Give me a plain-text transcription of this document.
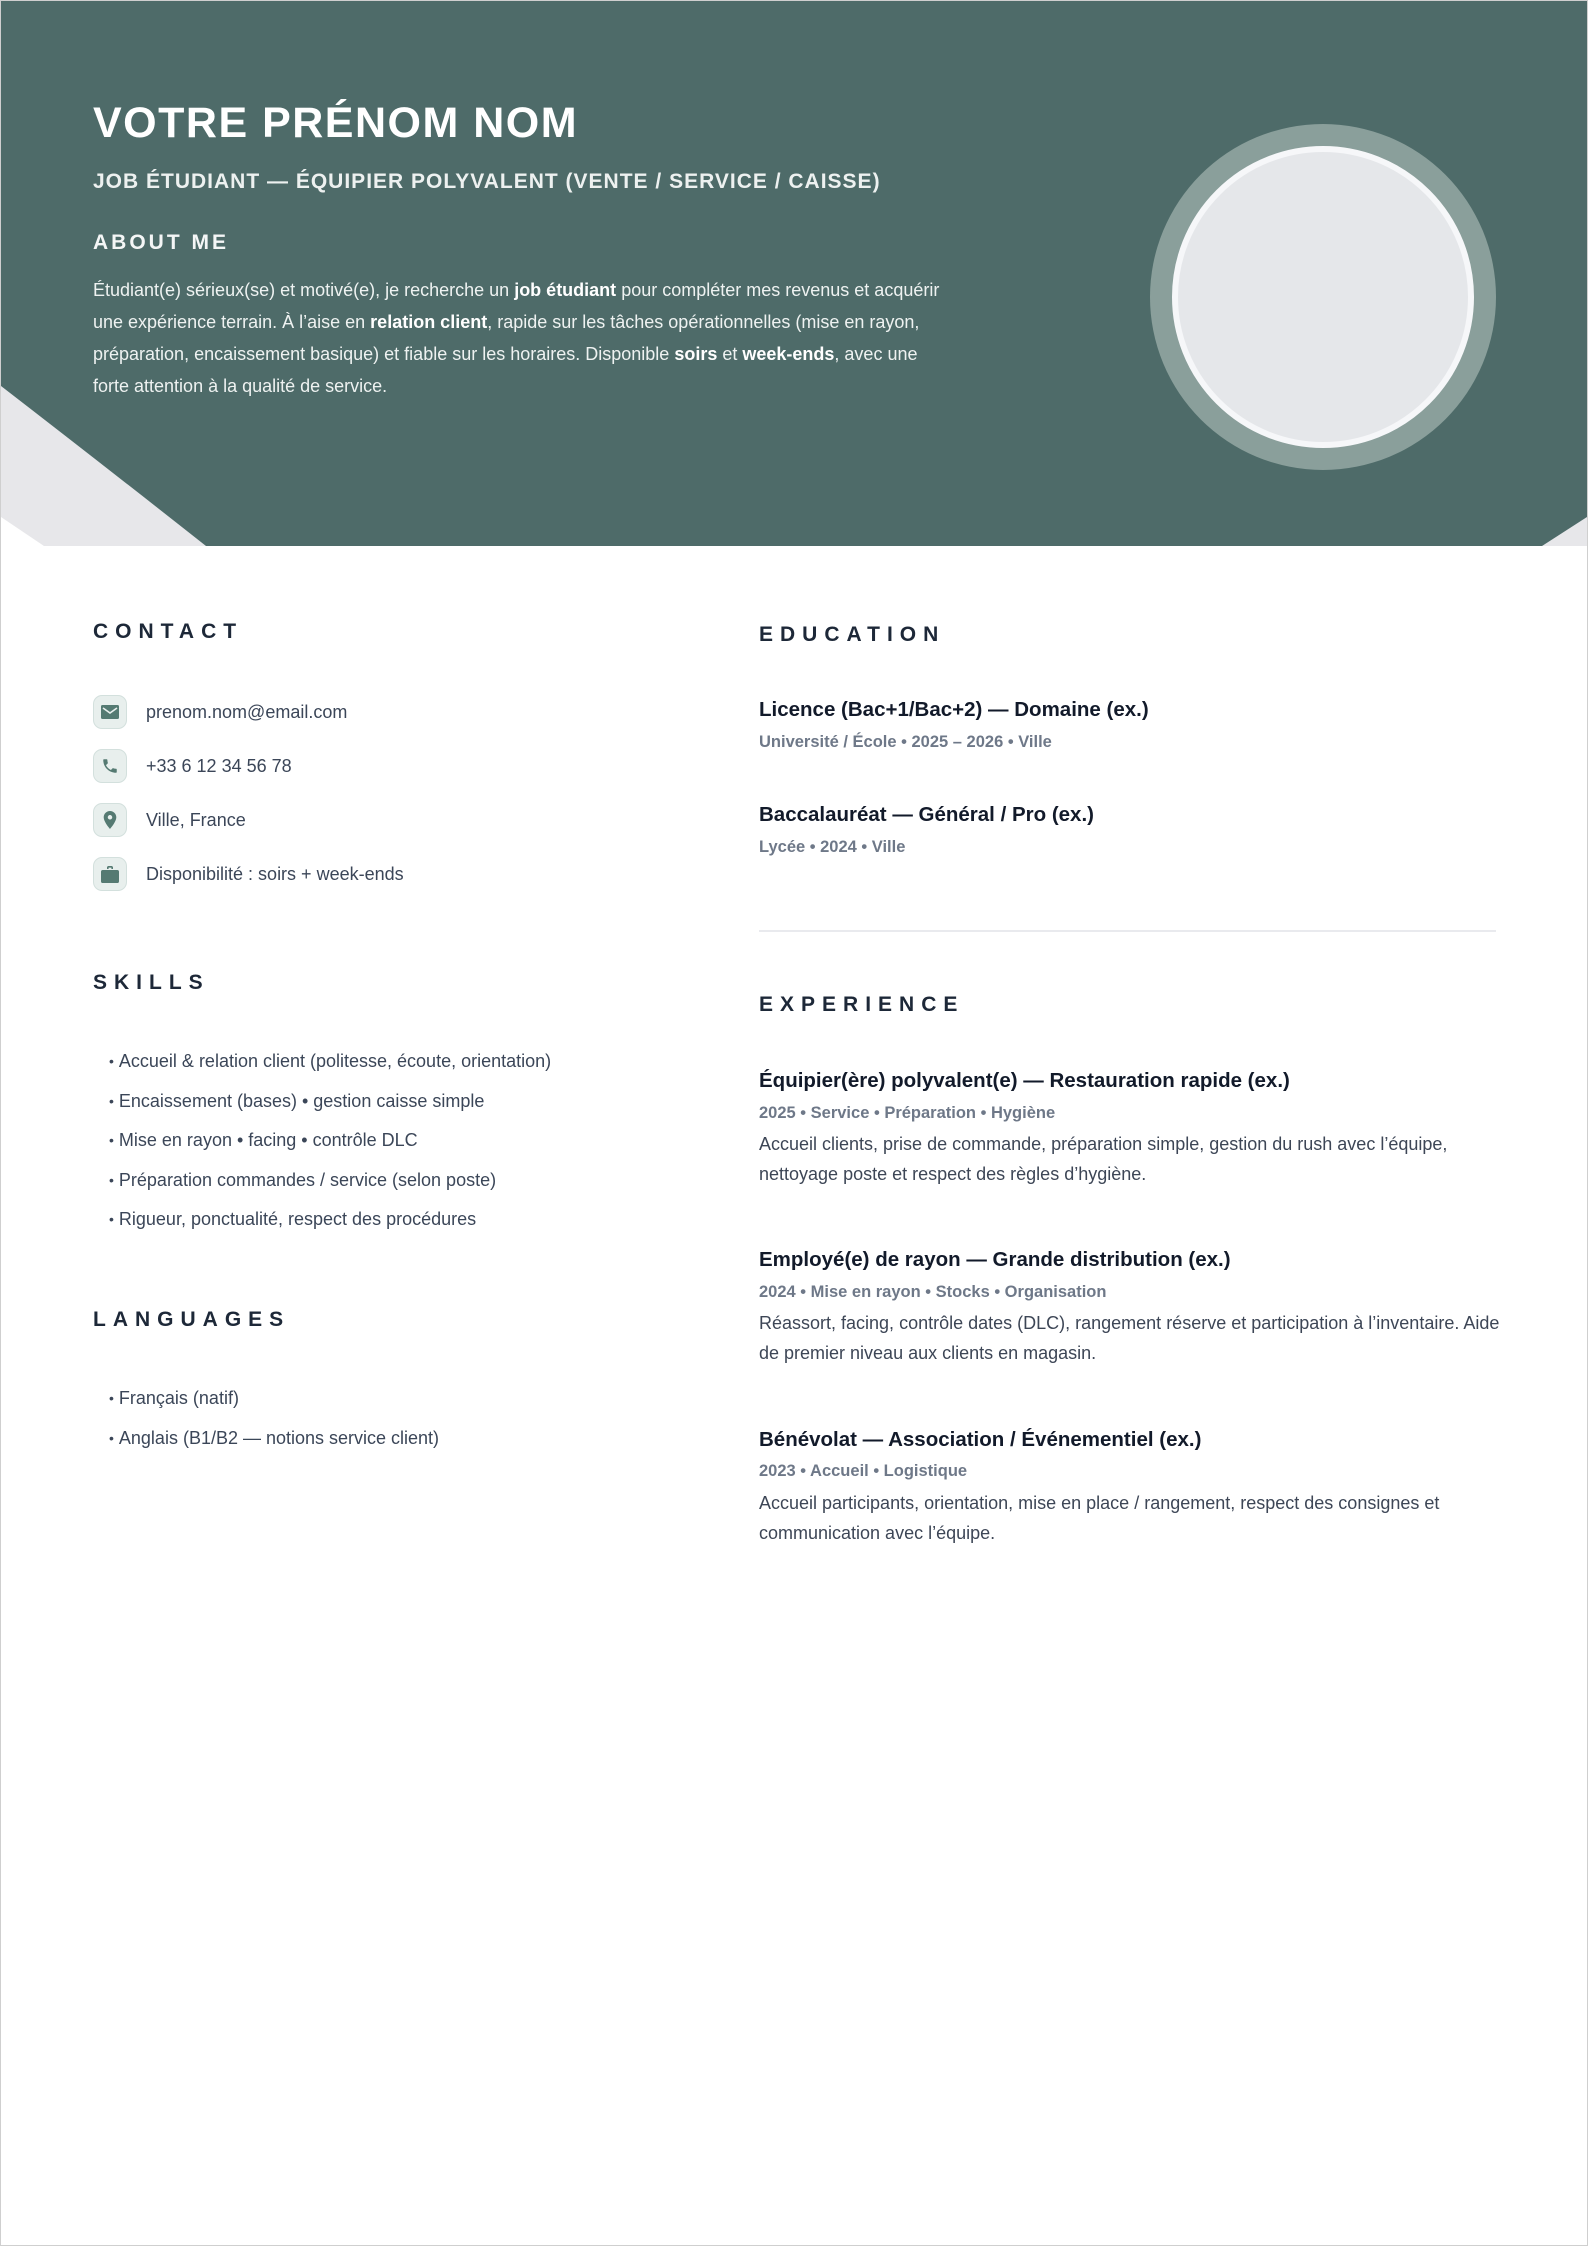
VOTRE PRÉNOM NOM
JOB ÉTUDIANT — ÉQUIPIER POLYVALENT (VENTE / SERVICE / CAISSE)
ABOUT ME

Étudiant(e) sérieux(se) et motivé(e), je recherche un job étudiant pour compléter mes revenus et acquérir une expérience terrain. À l’aise en relation client, rapide sur les tâches opérationnelles (mise en rayon, préparation, encaissement basique) et fiable sur les horaires. Disponible soirs et week-ends, avec une forte attention à la qualité de service.

CONTACT
prenom.nom@email.com
+33 6 12 34 56 78
Ville, France
Disponibilité : soirs + week-ends
SKILLS
• Accueil & relation client (politesse, écoute, orientation)
• Encaissement (bases) • gestion caisse simple
• Mise en rayon • facing • contrôle DLC
• Préparation commandes / service (selon poste)
• Rigueur, ponctualité, respect des procédures
LANGUAGES
• Français (natif)
• Anglais (B1/B2 — notions service client)
EDUCATION
Licence (Bac+1/Bac+2) — Domaine (ex.)

Université / École • 2025 – 2026 • Ville

Baccalauréat — Général / Pro (ex.)

Lycée • 2024 • Ville

EXPERIENCE
Équipier(ère) polyvalent(e) — Restauration rapide (ex.)

2025 • Service • Préparation • Hygiène

Accueil clients, prise de commande, préparation simple, gestion du rush avec l’équipe, nettoyage poste et respect des règles d’hygiène.

Employé(e) de rayon — Grande distribution (ex.)

2024 • Mise en rayon • Stocks • Organisation

Réassort, facing, contrôle dates (DLC), rangement réserve et participation à l’inventaire. Aide de premier niveau aux clients en magasin.

Bénévolat — Association / Événementiel (ex.)

2023 • Accueil • Logistique

Accueil participants, orientation, mise en place / rangement, respect des consignes et communication avec l’équipe.
